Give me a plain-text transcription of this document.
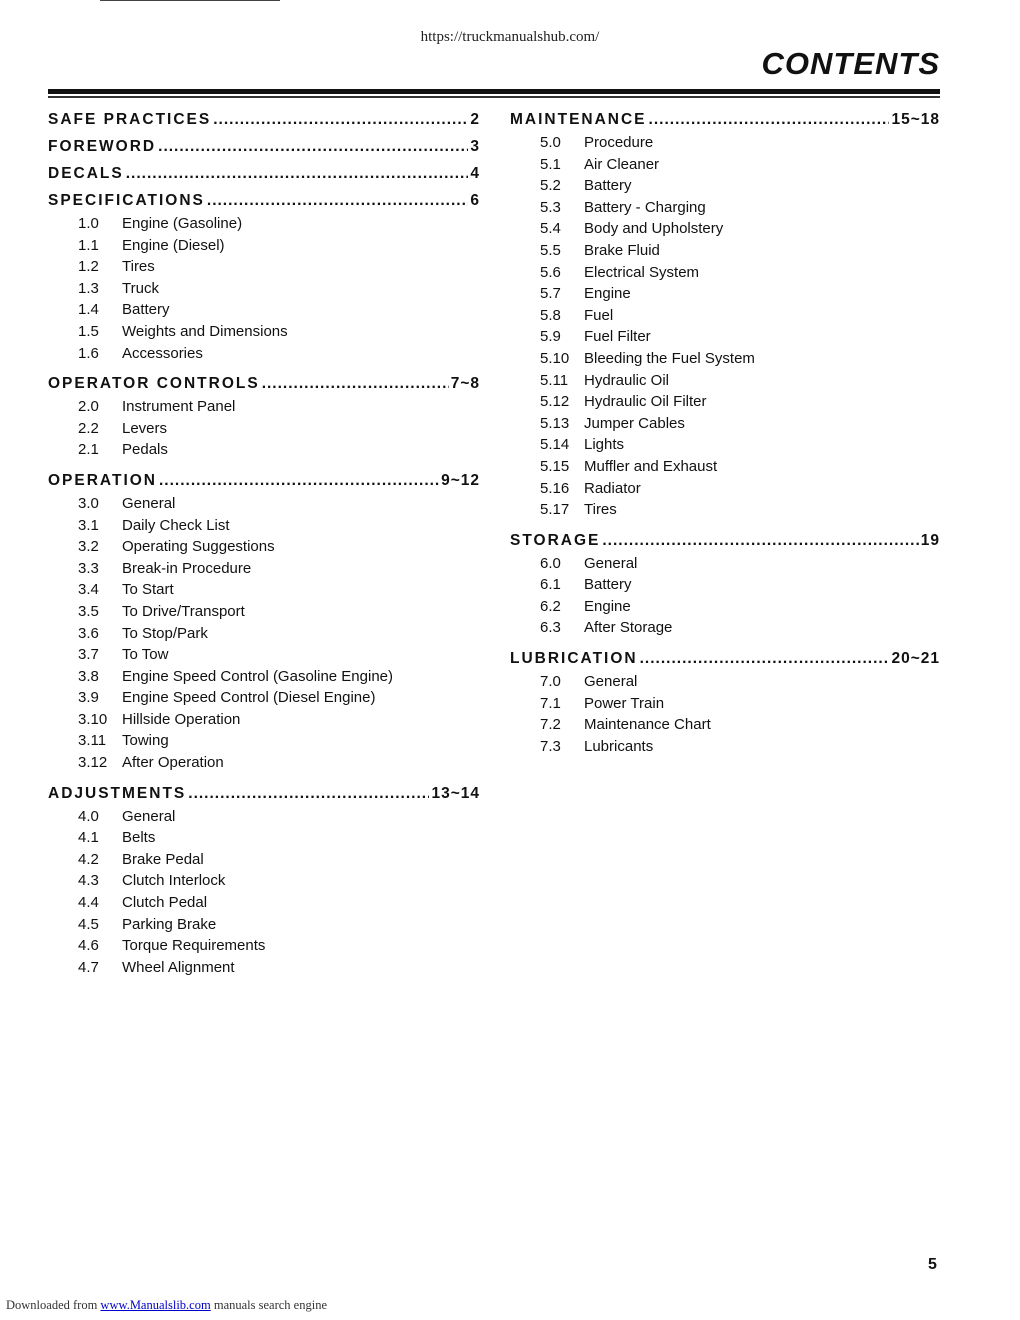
https://truckmanualshub.com/
CONTENTS
SAFE PRACTICES .....	2
FOREWORD .....	3
DECALS .....	4
SPECIFICATIONS .....	6
1.0	Engine (Gasoline)
1.1	Engine (Diesel)
1.2	Tires
1.3	Truck
1.4	Battery
1.5	Weights and Dimensions
1.6	Accessories
OPERATOR CONTROLS .....	7~8
2.0	Instrument Panel
2.2	Levers
2.1	Pedals
OPERATION .....	9~12
3.0	General
3.1	Daily Check List
3.2	Operating Suggestions
3.3	Break-in Procedure
3.4	To Start
3.5	To Drive/Transport
3.6	To Stop/Park
3.7	To Tow
3.8	Engine Speed Control (Gasoline Engine)
3.9	Engine Speed Control (Diesel Engine)
3.10 Hillside Operation
3.11	Towing
3.12 After Operation
ADJUSTMENTS .....	13~14
4.0	General
4.1	Belts
4.2	Brake Pedal
4.3	Clutch Interlock
4.4	Clutch Pedal
4.5	Parking Brake
4.6	Torque Requirements
4.7	Wheel Alignment
MAINTENANCE .....	15~18
5.0	Procedure
5.1	Air Cleaner
5.2	Battery
5.3	Battery - Charging
5.4	Body and Upholstery
5.5	Brake Fluid
5.6	Electrical System
5.7	Engine
5.8	Fuel
5.9	Fuel Filter
5.10 Bleeding the Fuel System
5.11	Hydraulic Oil
5.12 Hydraulic Oil Filter
5.13 Jumper Cables
5.14 Lights
5.15 Muffler and Exhaust
5.16 Radiator
5.17 Tires
STORAGE .....	19
6.0	General
6.1	Battery
6.2	Engine
6.3	After Storage
LUBRICATION .....	20~21
7.0	General
7.1	Power Train
7.2	Maintenance Chart
7.3	Lubricants
5
Downloaded from www.Manualslib.com manuals search engine
